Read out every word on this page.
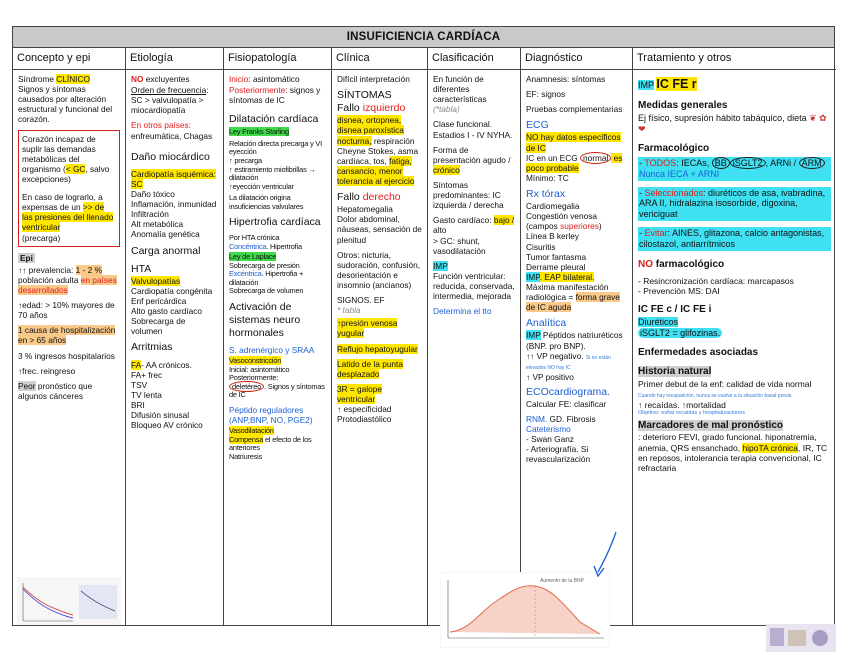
INSUFICIENCIA CARDÍACA
Concepto y epi

Síndrome CLÍNICO
Signos y síntomas causados por alteración estructural y funcional del corazón.

Corazón incapaz de suplir las demandas metabólicas del organismo (< GC, salvo excepciones)

En caso de lograrlo, a expensas de un >> de las presiones del llenado ventricular
(precarga)

Epi

↑↑ prevalencia: 1 - 2 % población adulta en países desarrollados

↑edad: > 10% mayores de 70 años

1 causa de hospitalización en > 65 años

3 % ingresos hospitalarios

↑frec. reingreso

Peor pronóstico que algunos cánceres

Etiología

NO excluyentes

Orden de frecuencia: SC > valvulopatía > miocardiopatía

En otros países:
enfreumática, Chagas

Daño miocárdico

Cardiopatía isquémica: SC

Daño tóxico
Inflamación, inmunidad
Infiltración
Alt metabólica
Anomalía genética

Carga anormal

HTA

Valvulopatías

Cardiopatía congénita
Enf pericárdica
Alto gasto cardíaco
Sobrecarga de volumen

Arritmias

FA- AA crónicos.

FA+ frec
TSV
TV lenta
BRI
Difusión sinusal
Bloqueo AV crónico

Fisiopatología

Inicio: asintomático

Posteriormente: signos y síntomas de IC

Dilatación cardíaca

Ley Franks Starling

Relación directa precarga y VI eyección
↑ precarga
↑ estiramiento miofibrillas → dilatación
↑eyección ventricular

La dilatación origina insuficiencias valvulares

Hipertrofia cardíaca

Por HTA crónica

Concéntrica. Hipertrofia

Ley de Laplace

Sobrecarga de presión

Excéntrica. Hipertrofia + dilatación

Sobrecarga de volumen

Activación de sistemas neuro hormonales

S. adrenérgico y SRAA

Vasoconstricción

Inicial: asintomático
Posteriormente:

deletéreo . Signos y síntomas de IC

Péptido reguladores (ANP,BNP, NO, PGE2)

Vasodilatación

Compensa el efecto de los anteriores

Natriuresis

Clínica

Difícil interpretación

SÍNTOMAS

Fallo izquierdo

disnea, ortopnea, disnea paroxística nocturna, respiración Cheyne Stokes, asma cardíaca, tos, fatiga, cansancio, menor tolerancia al ejercicio

Fallo derecho

Hepatomegalia
Dolor abdominal, náuseas, sensación de plenitud

Otros: nicturia, sudoración, confusión, desorientación e insomnio (ancianos)

SIGNOS. EF

* tabla

↑presión venosa yugular

Reflujo hepatoyugular

Latido de la punta desplazado

3R = galope ventricular

↑ especificidad
Protodiastólico

Clasificación

En función de diferentes características

(*tabla)

Clase funcional. Estadios I - IV NYHA.

Forma de presentación agudo / crónico

Síntomas predominantes: IC izquierda / derecha

Gasto cardíaco: bajo / alto
> GC: shunt, vasodilatación

IMP

Función ventricular: reducida, conservada, intermedia, mejorada

Determina el tto

Diagnóstico

Anamnesis: síntomas

EF: signos

Pruebas complementarias

ECG

NO hay datos específicos de IC

IC en un ECG normal es poco probable

Mínimo: TC

Rx tórax

Cardiomegalia
Congestión venosa (campos superiores)
Línea B kerley
Cisuritis
Tumor fantasma
Derrame pleural

IMP. EAP bilateral.

Máxima manifestación radiológica = forma grave de IC aguda

Analítica

IMP Péptidos natriuréticos (BNP. pro BNP).

↑↑ VP negativo. Si no están elevados NO hay IC
↑ VP positivo

ECOcardiograma.

Calcular FE: clasificar

RNM. GD. Fibrosis

Cateterismo

- Swan Ganz
- Arteriografía. Si revascularización

Tratamiento y otros

IMP IC FE r

Medidas generales

Ej físico, supresión hábito tabáquico, dieta ❦ ✿ ❤

Farmacológico

- TODOS: IECAs, BB iSGLT2 , ARNi / ARM Nunca IECA + ARNI

- Seleccionados: diuréticos de asa, ivabradina, ARA II, hidralazina isosorbide, digoxina, vericiguat

- Evitar: AINES, glitazona, calcio antagonistas, cilostazol, antiarrítmicos

NO farmacológico

- Resincronización cardíaca: marcapasos
- Prevención MS: DAI

IC FE c / IC FE i

Diuréticos

iSGLT2 = glifozinas.

Enfermedades asociadas

Historia natural

Primer debut de la enf: calidad de vida normal Cuando hay recaparición, nunca se vuelve a la situación basal previa

↑ recaídas. ↑mortalidad

Objetivo: evitar recaídas y hospitalizaciones

Marcadores de mal pronóstico

: deterioro FEVI, grado funcional. hiponatremia, anemia, QRS ensanchado, hipoTA crónica, IR, TC en reposos, intolerancia terapia convencional, IC refractaria

Aumento de la BNP
